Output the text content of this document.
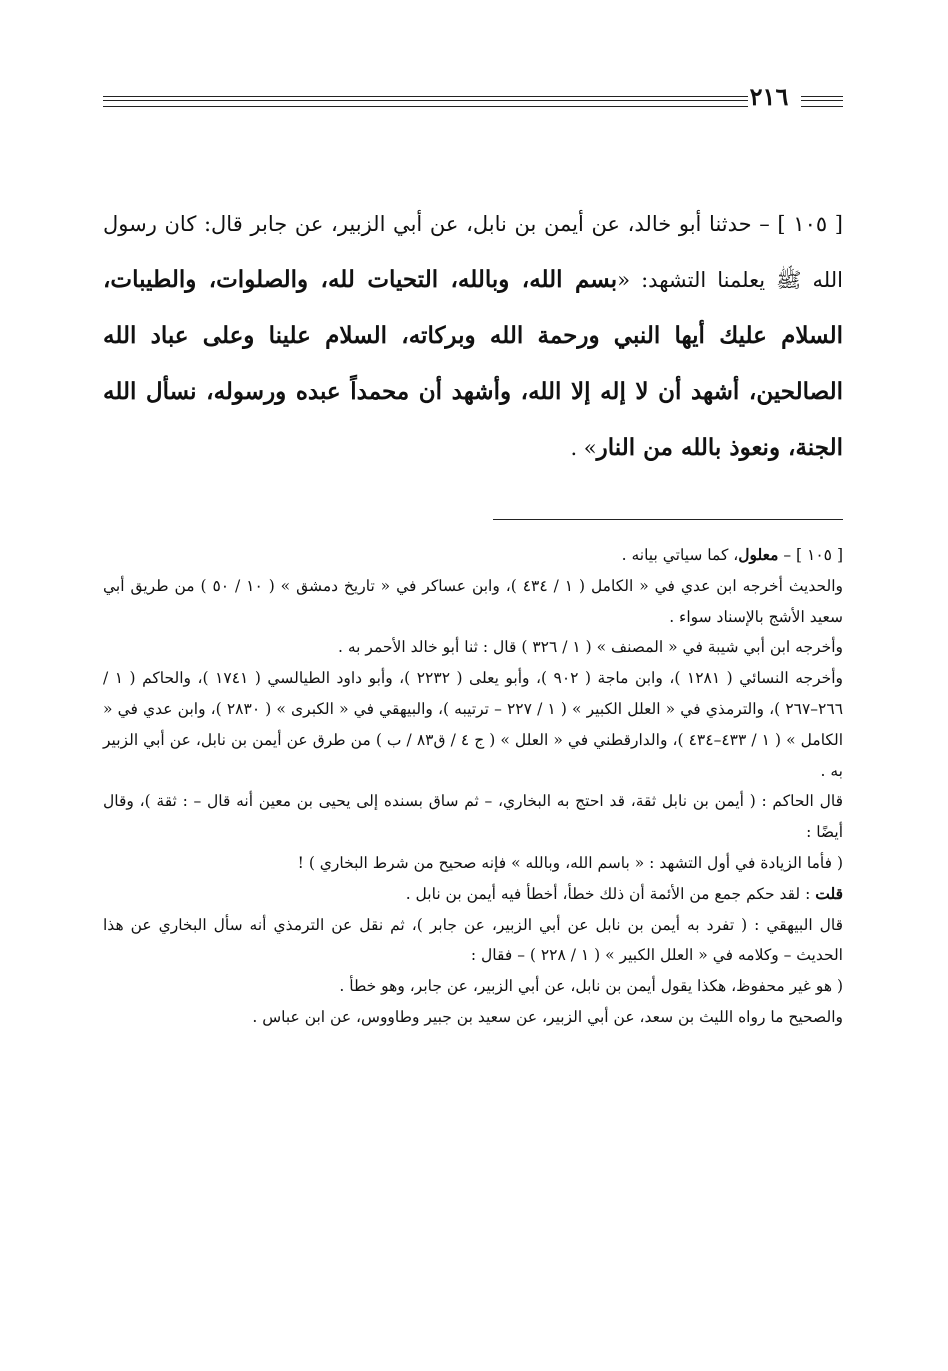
٢١٦

[ ١٠٥ ] – حدثنا أبو خالد، عن أيمن بن نابل، عن أبي الزبير، عن جابر قال: كان رسول الله ﷺ يعلمنا التشهد: «بسم الله، وبالله، التحيات لله، والصلوات، والطيبات، السلام عليك أيها النبي ورحمة الله وبركاته، السلام علينا وعلى عباد الله الصالحين، أشهد أن لا إله إلا الله، وأشهد أن محمداً عبده ورسوله، نسأل الله الجنة، ونعوذ بالله من النار» .

[ ١٠٥ ] – معلول، كما سياتي بيانه .

والحديث أخرجه ابن عدي في « الكامل ( ١ / ٤٣٤ )، وابن عساكر في « تاريخ دمشق » ( ١٠ / ٥٠ ) من طريق أبي سعيد الأشج بالإسناد سواء .

وأخرجه ابن أبي شيبة في « المصنف » ( ١ / ٣٢٦ ) قال : ثنا أبو خالد الأحمر به .

وأخرجه النسائي ( ١٢٨١ )، وابن ماجة ( ٩٠٢ )، وأبو يعلى ( ٢٢٣٢ )، وأبو داود الطيالسي ( ١٧٤١ )، والحاكم ( ١ / ٢٦٦–٢٦٧ )، والترمذي في « العلل الكبير » ( ١ / ٢٢٧ – ترتيبه )، والبيهقي في « الكبرى » ( ٢٨٣٠ )، وابن عدي في « الكامل » ( ١ / ٤٣٣–٤٣٤ )، والدارقطني في « العلل » ( ج ٤ / ق٨٣ / ب ) من طرق عن أيمن بن نابل، عن أبي الزبير به .

قال الحاكم : ( أيمن بن نابل ثقة، قد احتج به البخاري، – ثم ساق بسنده إلى يحيى بن معين أنه قال – : ثقة )، وقال أيضًا :

( فأما الزيادة في أول التشهد : « باسم الله، وبالله » فإنه صحيح من شرط البخاري ) !

قلت : لقد حكم جمع من الأئمة أن ذلك خطأ، أخطأ فيه أيمن بن نابل .

قال البيهقي : ( تفرد به أيمن بن نابل عن أبي الزبير، عن جابر )، ثم نقل عن الترمذي أنه سأل البخاري عن هذا الحديث – وكلامه في « العلل الكبير » ( ١ / ٢٢٨ ) – فقال :

( هو غير محفوظ، هكذا يقول أيمن بن نابل، عن أبي الزبير، عن جابر، وهو خطأ .

والصحيح ما رواه الليث بن سعد، عن أبي الزبير، عن سعيد بن جبير وطاووس، عن ابن عباس .
